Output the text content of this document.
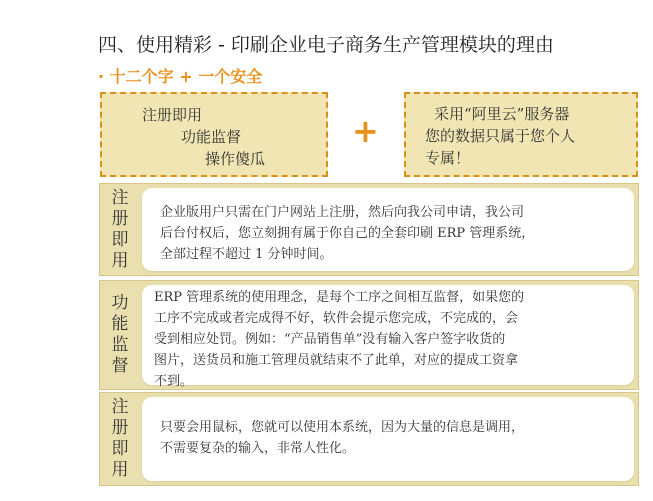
四、使用精彩 - 印刷企业电子商务生产管理模块的理由
· 十二个字 + 一个安全
注册即用
功能监督
操作傻瓜
+	采用“阿里云”服务器
您的数据只属于您个人
专属！
注
册
即
用
企业版用户只需在门户网站上注册，然后向我公司申请，我公司
后台付权后，您立刻拥有属于你自己的全套印刷 ERP 管理系统，
全部过程不超过 1 分钟时间。
功
能
监
督
ERP 管理系统的使用理念，是每个工序之间相互监督，如果您的
工序不完成或者完成得不好，软件会提示您完成，不完成的，会
受到相应处罚。例如：“产品销售单”没有输入客户签字收货的
图片，送货员和施工管理员就结束不了此单，对应的提成工资拿
不到。
注
册
即
用
只要会用鼠标，您就可以使用本系统，因为大量的信息是调用，
不需要复杂的输入，非常人性化。
